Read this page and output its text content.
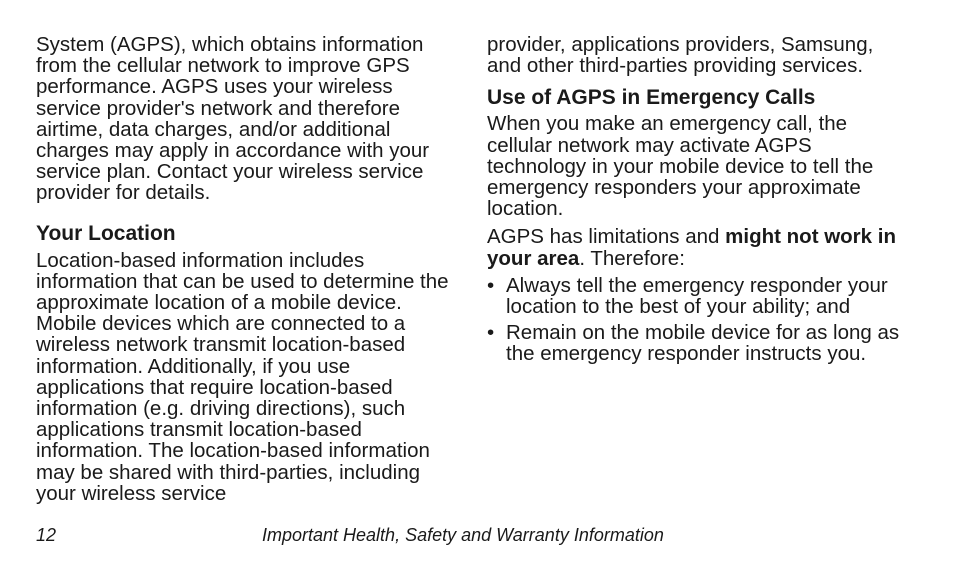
System (AGPS), which obtains information from the cellular network to improve GPS performance. AGPS uses your wireless service provider's network and therefore airtime, data charges, and/or additional charges may apply in accordance with your service plan. Contact your wireless service provider for details.

Your Location

Location-based information includes information that can be used to determine the approximate location of a mobile device. Mobile devices which are connected to a wireless network transmit location-based information. Additionally, if you use applications that require location-based information (e.g. driving directions), such applications transmit location-based information. The location-based information may be shared with third-parties, including your wireless service

provider, applications providers, Samsung, and other third-parties providing services.

Use of AGPS in Emergency Calls

When you make an emergency call, the cellular network may activate AGPS technology in your mobile device to tell the emergency responders your approximate location.

AGPS has limitations and might not work in your area. Therefore:

• Always tell the emergency responder your location to the best of your ability; and
• Remain on the mobile device for as long as the emergency responder instructs you.
12	Important Health, Safety and Warranty Information
